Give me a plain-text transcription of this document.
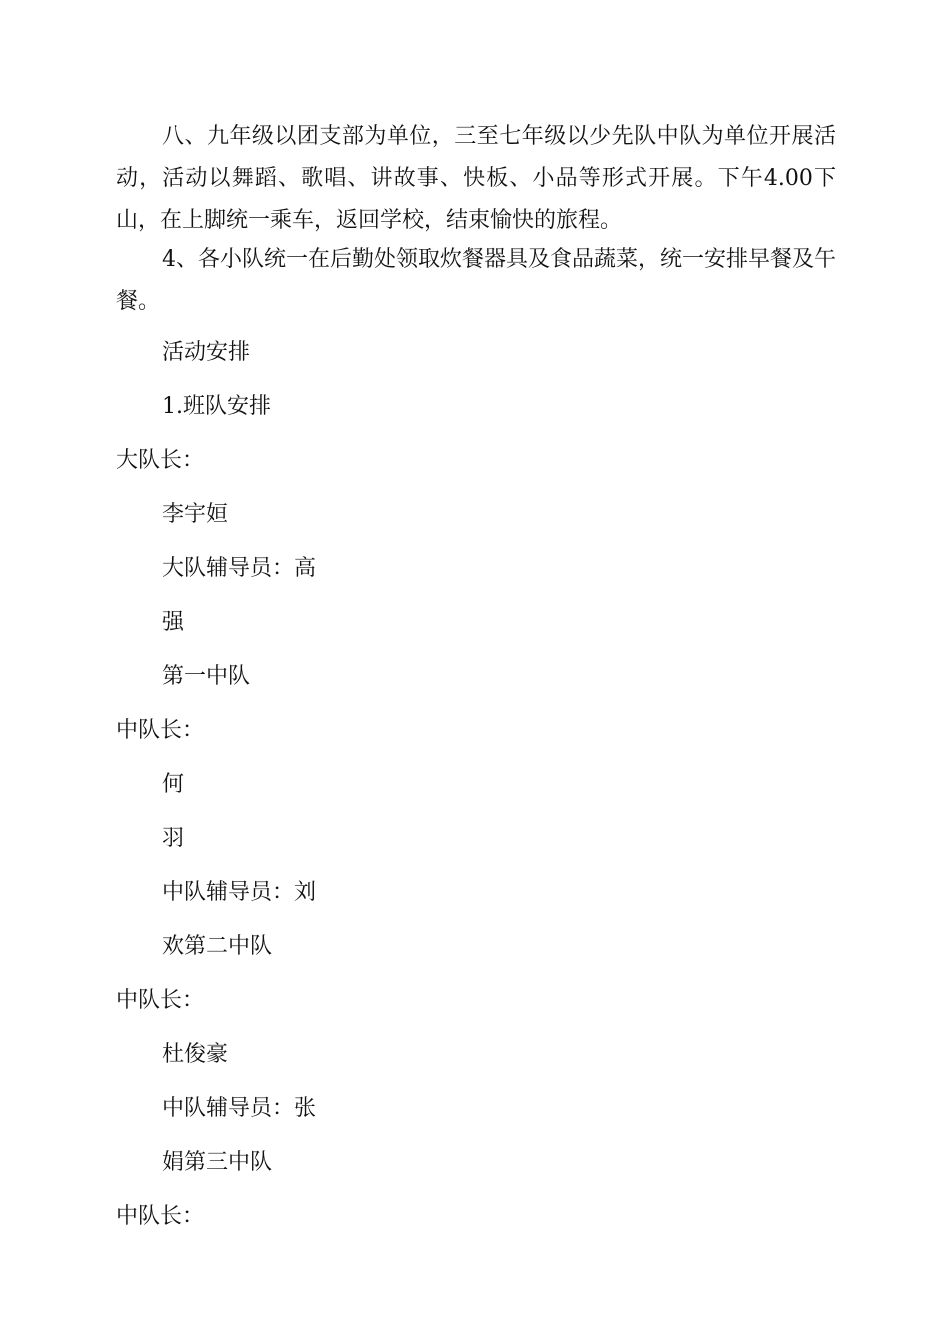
八、九年级以团支部为单位，三至七年级以少先队中队为单位开展活动，活动以舞蹈、歌唱、讲故事、快板、小品等形式开展。下午4.00下山，在上脚统一乘车，返回学校，结束愉快的旅程。

4、各小队统一在后勤处领取炊餐器具及食品蔬菜，统一安排早餐及午餐。

活动安排

1.班队安排

大队长：

李宇姮

大队辅导员：高

强

第一中队

中队长：

何

羽

中队辅导员：刘

欢第二中队

中队长：

杜俊豪

中队辅导员：张

娟第三中队

中队长：
